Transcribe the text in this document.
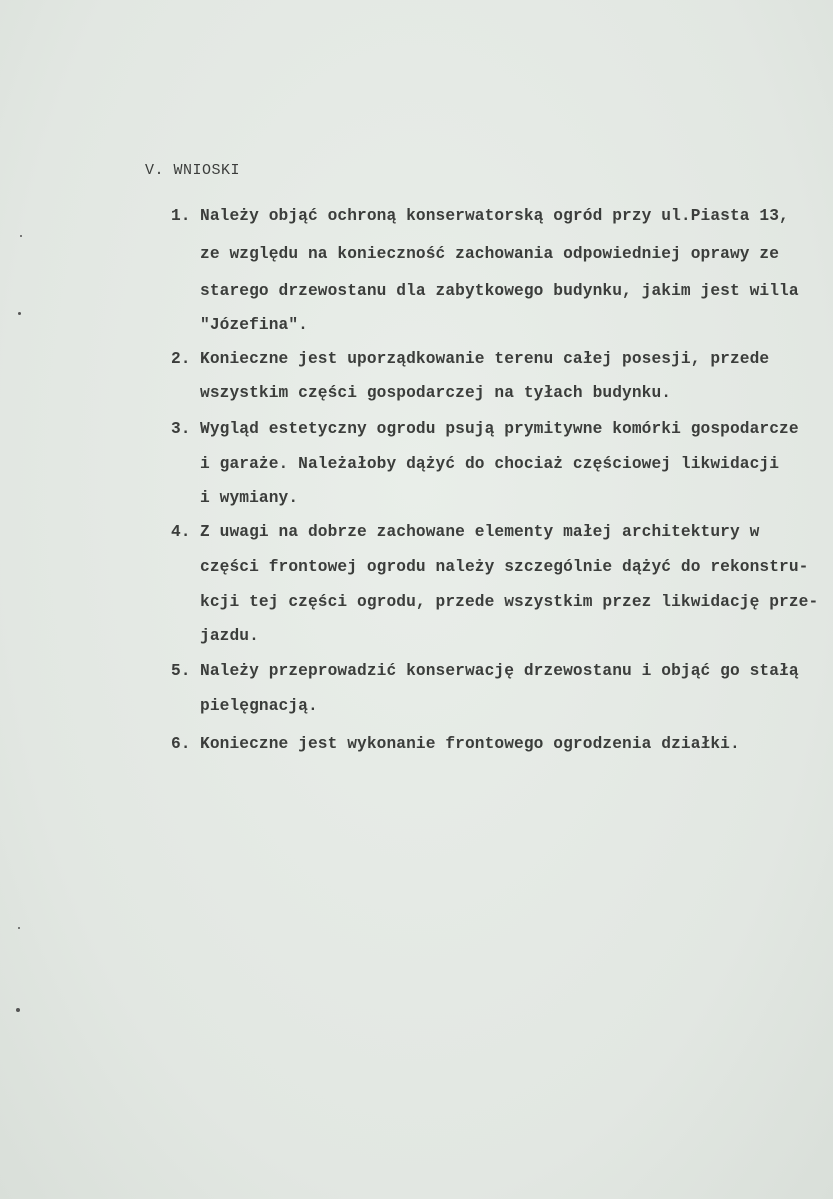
V. WNIOSKI
1. Należy objąć ochroną konserwatorską ogród przy ul.Piasta 13,
ze względu na konieczność zachowania odpowiedniej oprawy ze
starego drzewostanu dla zabytkowego budynku, jakim jest willa
"Józefina".
2. Konieczne jest uporządkowanie terenu całej posesji, przede
wszystkim części gospodarczej na tyłach budynku.
3. Wygląd estetyczny ogrodu psują prymitywne komórki gospodarcze
i garaże. Należałoby dążyć do chociaż częściowej likwidacji
i wymiany.
4. Z uwagi na dobrze zachowane elementy małej architektury w
części frontowej ogrodu należy szczególnie dążyć do rekonstru-
kcji tej części ogrodu, przede wszystkim przez likwidację prze-
jazdu.
5. Należy przeprowadzić konserwację drzewostanu i objąć go stałą
pielęgnacją.
6. Konieczne jest wykonanie frontowego ogrodzenia działki.
